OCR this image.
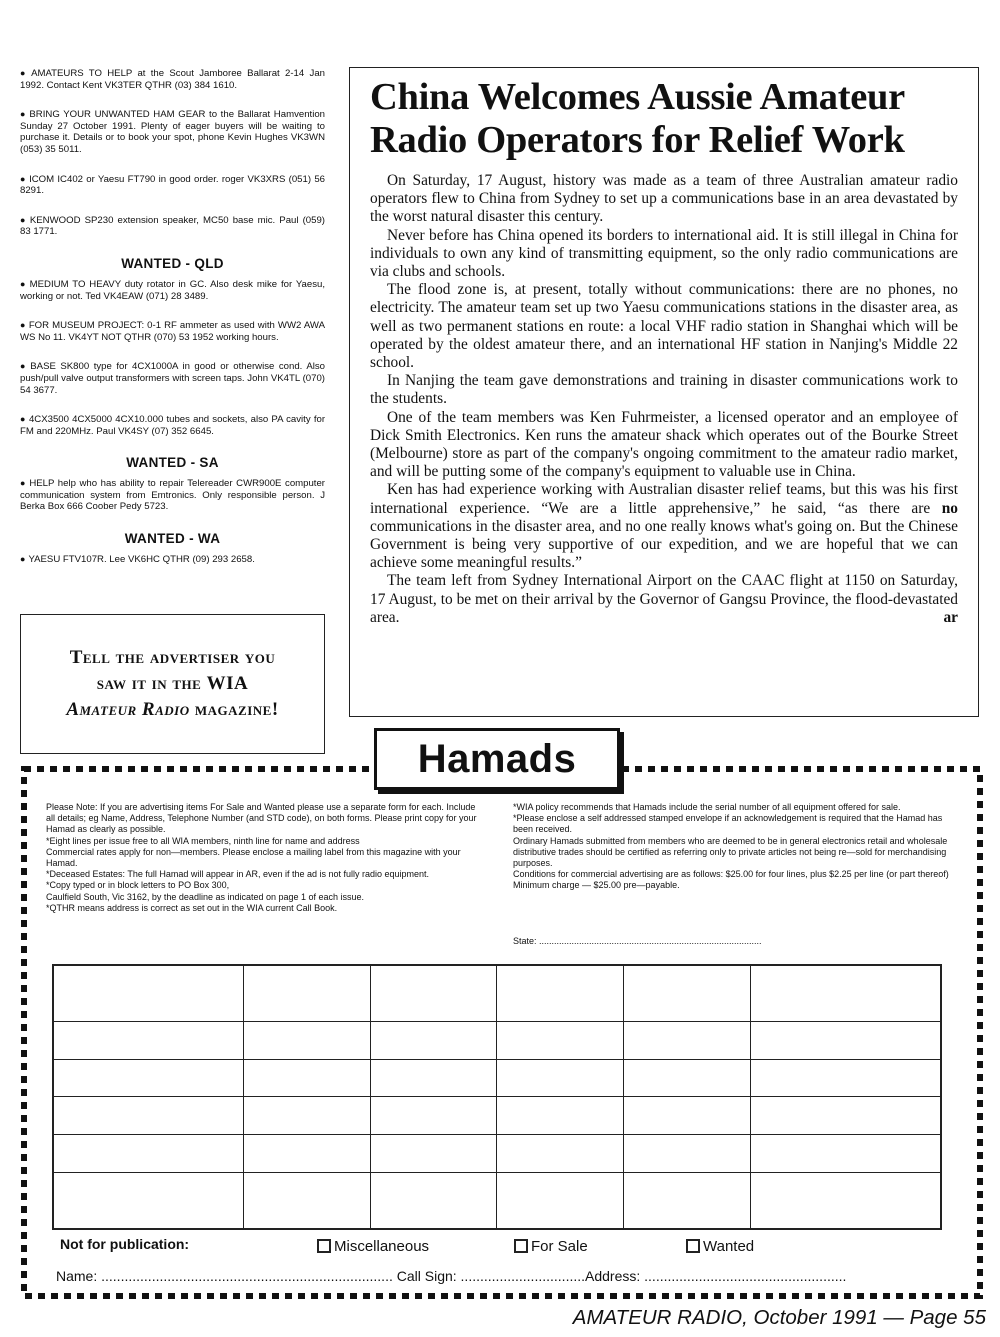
● AMATEURS TO HELP at the Scout Jamboree Ballarat 2-14 Jan 1992. Contact Kent VK3TER QTHR (03) 384 1610.
● BRING YOUR UNWANTED HAM GEAR to the Ballarat Hamvention Sunday 27 October 1991. Plenty of eager buyers will be waiting to purchase it. Details or to book your spot, phone Kevin Hughes VK3WN (053) 35 5011.
● ICOM IC402 or Yaesu FT790 in good order. roger VK3XRS (051) 56 8291.
● KENWOOD SP230 extension speaker, MC50 base mic. Paul (059) 83 1771.
WANTED - QLD
● MEDIUM TO HEAVY duty rotator in GC. Also desk mike for Yaesu, working or not. Ted VK4EAW (071) 28 3489.
● FOR MUSEUM PROJECT: 0-1 RF ammeter as used with WW2 AWA WS No 11. VK4YT NOT QTHR (070) 53 1952 working hours.
● BASE SK800 type for 4CX1000A in good or otherwise cond. Also push/pull valve output transformers with screen taps. John VK4TL (070) 54 3677.
● 4CX3500 4CX5000 4CX10.000 tubes and sockets, also PA cavity for FM and 220MHz. Paul VK4SY (07) 352 6645.
WANTED - SA
● HELP help who has ability to repair Telereader CWR900E computer communication system from Emtronics. Only responsible person. J Berka Box 666 Coober Pedy 5723.
WANTED - WA
● YAESU FTV107R. Lee VK6HC QTHR (09) 293 2658.
Tell the advertiser you
saw it in the WIA
Amateur Radio magazine!
China Welcomes Aussie Amateur Radio Operators for Relief Work

On Saturday, 17 August, history was made as a team of three Australian amateur radio operators flew to China from Sydney to set up a communications base in an area devastated by the worst natural disaster this century.

Never before has China opened its borders to international aid. It is still illegal in China for individuals to own any kind of transmitting equipment, so the only radio communications are via clubs and schools.

The flood zone is, at present, totally without communications: there are no phones, no electricity. The amateur team set up two Yaesu communications stations in the disaster area, as well as two permanent stations en route: a local VHF radio station in Shanghai which will be operated by the oldest amateur there, and an international HF station in Nanjing's Middle 22 school.

In Nanjing the team gave demonstrations and training in disaster communications work to the students.

One of the team members was Ken Fuhrmeister, a licensed operator and an employee of Dick Smith Electronics. Ken runs the amateur shack which operates out of the Bourke Street (Melbourne) store as part of the company's ongoing commitment to the amateur radio market, and will be putting some of the company's equipment to valuable use in China.

Ken has had experience working with Australian disaster relief teams, but this was his first international experience. “We are a little apprehensive,” he said, “as there are no communications in the disaster area, and no one really knows what's going on. But the Chinese Government is being very supportive of our expedition, and we are hopeful that we can achieve some meaningful results.”

The team left from Sydney International Airport on the CAAC flight at 1150 on Saturday, 17 August, to be met on their arrival by the Governor of Gangsu Province, the flood-devastated area.	ar
Hamads
Please Note: If you are advertising items For Sale and Wanted please use a separate form for each. Include all details; eg Name, Address, Telephone Number (and STD code), on both forms. Please print copy for your Hamad as clearly as possible.
*Eight lines per issue free to all WIA members, ninth line for name and address
Commercial rates apply for non—members. Please enclose a mailing label from this magazine with your Hamad.
*Deceased Estates: The full Hamad will appear in AR, even if the ad is not fully radio equipment.
*Copy typed or in block letters to PO Box 300,
Caulfield South, Vic 3162, by the deadline as indicated on page 1 of each issue.
*QTHR means address is correct as set out in the WIA current Call Book.
*WIA policy recommends that Hamads include the serial number of all equipment offered for sale.
*Please enclose a self addressed stamped envelope if an acknowledgement is required that the Hamad has been received.
Ordinary Hamads submitted from members who are deemed to be in general electronics retail and wholesale distributive trades should be certified as referring only to private articles not being re—sold for merchandising purposes.
Conditions for commercial advertising are as follows: $25.00 for four lines, plus $2.25 per line (or part thereof) Minimum charge — $25.00 pre—payable.
State: .........................................................................................

Not for publication:	Miscellaneous	For Sale	Wanted
Name: ........................................................................... Call Sign: ................................Address: ....................................................
AMATEUR RADIO, October 1991 — Page 55
